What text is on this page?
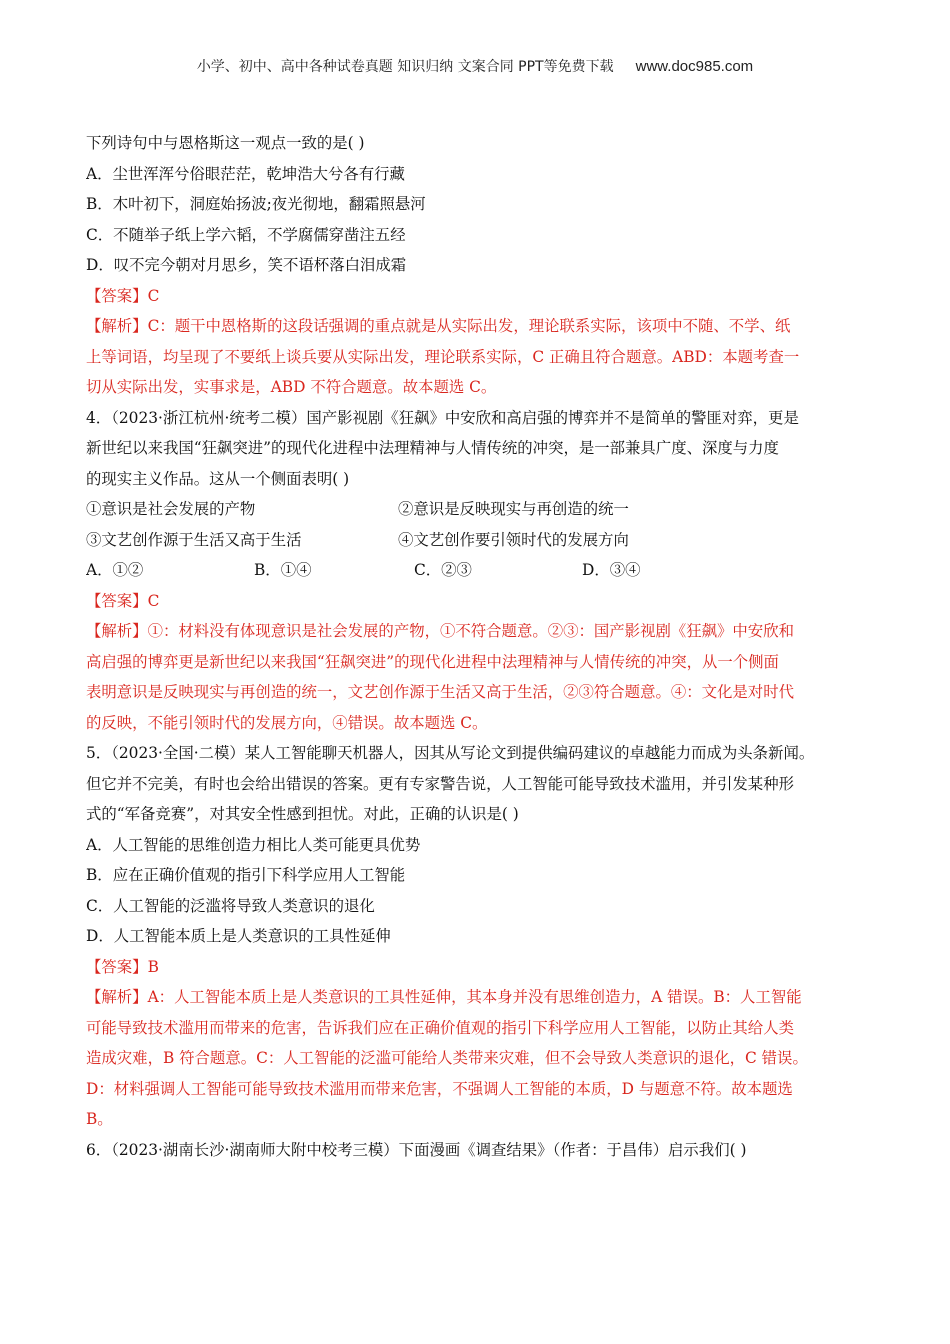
小学、初中、高中各种试卷真题 知识归纳 文案合同 PPT等免费下载 www.doc985.com
下列诗句中与恩格斯这一观点一致的是( )
A．尘世浑浑兮俗眼茫茫，乾坤浩大兮各有行藏
B．木叶初下，洞庭始扬波;夜光彻地，翻霜照悬河
C．不随举子纸上学六韬，不学腐儒穿凿注五经
D．叹不完今朝对月思乡，笑不语杯落白泪成霜
【答案】C
【解析】C：题干中恩格斯的这段话强调的重点就是从实际出发，理论联系实际，该项中不随、不学、纸
上等词语，均呈现了不要纸上谈兵要从实际出发，理论联系实际，C 正确且符合题意。ABD：本题考查一
切从实际出发，实事求是，ABD 不符合题意。故本题选 C。
4．（2023·浙江杭州·统考二模）国产影视剧《狂飙》中安欣和高启强的博弈并不是简单的警匪对弈，更是
新世纪以来我国“狂飙突进”的现代化进程中法理精神与人情传统的冲突，是一部兼具广度、深度与力度
的现实主义作品。这从一个侧面表明( )
①意识是社会发展的产物	②意识是反映现实与再创造的统一
③文艺创作源于生活又高于生活	④文艺创作要引领时代的发展方向
A．①②	B．①④	C．②③	D．③④
【答案】C
【解析】①：材料没有体现意识是社会发展的产物，①不符合题意。②③：国产影视剧《狂飙》中安欣和
高启强的博弈更是新世纪以来我国“狂飙突进”的现代化进程中法理精神与人情传统的冲突，从一个侧面
表明意识是反映现实与再创造的统一，文艺创作源于生活又高于生活，②③符合题意。④：文化是对时代
的反映，不能引领时代的发展方向，④错误。故本题选 C。
5．（2023·全国·二模）某人工智能聊天机器人，因其从写论文到提供编码建议的卓越能力而成为头条新闻。
但它并不完美，有时也会给出错误的答案。更有专家警告说，人工智能可能导致技术滥用，并引发某种形
式的“军备竞赛”，对其安全性感到担忧。对此，正确的认识是( )
A．人工智能的思维创造力相比人类可能更具优势
B．应在正确价值观的指引下科学应用人工智能
C．人工智能的泛滥将导致人类意识的退化
D．人工智能本质上是人类意识的工具性延伸
【答案】B
【解析】A：人工智能本质上是人类意识的工具性延伸，其本身并没有思维创造力，A 错误。B：人工智能
可能导致技术滥用而带来的危害，告诉我们应在正确价值观的指引下科学应用人工智能，以防止其给人类
造成灾难，B 符合题意。C：人工智能的泛滥可能给人类带来灾难，但不会导致人类意识的退化，C 错误。
D：材料强调人工智能可能导致技术滥用而带来危害，不强调人工智能的本质，D 与题意不符。故本题选
B。
6．（2023·湖南长沙·湖南师大附中校考三模）下面漫画《调查结果》（作者：于昌伟）启示我们( )
